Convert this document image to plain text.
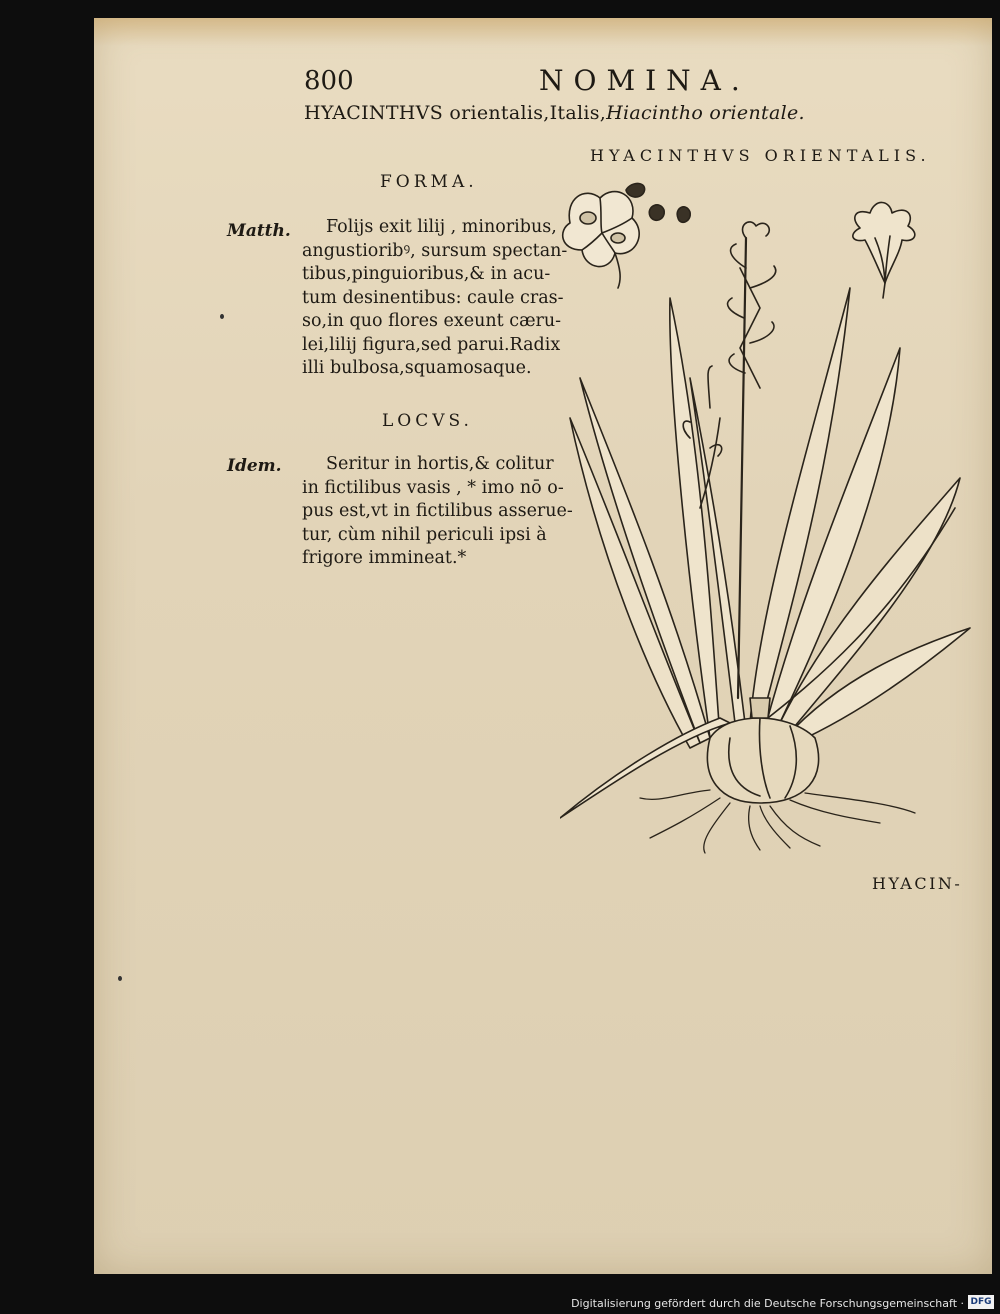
800	NOMINA.
HYACINTHVS orientalis,Italis,Hiacintho orientale.
HYACINTHVS ORIENTALIS.
FORMA.
Matth.	Folijs exit lilij , minoribus,
angustioribꝰ, sursum spectan-
tibus,pinguioribus,& in acu-
tum desinentibus: caule cras-
so,in quo flores exeunt cæru-
lei,lilij figura,sed parui.Radix
illi bulbosa,squamosaque.
LOCVS.
Idem.	Seritur in hortis,& colitur
in fictilibus vasis , * imo nō o-
pus est,vt in fictilibus asserue-
tur, cùm nihil periculi ipsi à
frigore immineat.*
HYACIN-
Digitalisierung gefördert durch die Deutsche Forschungsgemeinschaft · DFG
